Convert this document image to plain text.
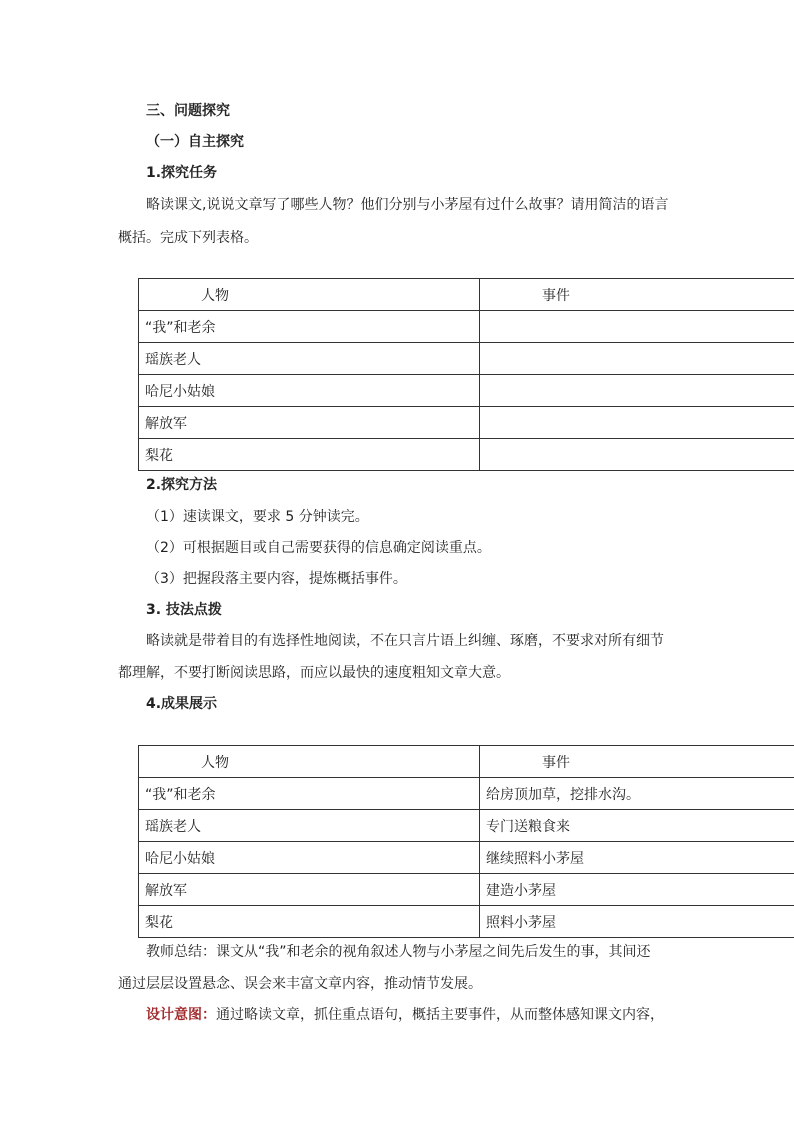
三、问题探究
（一）自主探究
1.探究任务
略读课文,说说文章写了哪些人物？他们分别与小茅屋有过什么故事？请用简洁的语言
概括。完成下列表格。
人物	事件
“我”和老余	
瑶族老人	
哈尼小姑娘	
解放军	
梨花	
2.探究方法
（1）速读课文，要求 5 分钟读完。
（2）可根据题目或自己需要获得的信息确定阅读重点。
（3）把握段落主要内容，提炼概括事件。
3. 技法点拨
略读就是带着目的有选择性地阅读，不在只言片语上纠缠、琢磨，不要求对所有细节
都理解，不要打断阅读思路，而应以最快的速度粗知文章大意。
4.成果展示
人物	事件
“我”和老余	给房顶加草，挖排水沟。
瑶族老人	专门送粮食来
哈尼小姑娘	继续照料小茅屋
解放军	建造小茅屋
梨花	照料小茅屋
教师总结：课文从“我”和老余的视角叙述人物与小茅屋之间先后发生的事，其间还
通过层层设置悬念、误会来丰富文章内容，推动情节发展。
设计意图：通过略读文章，抓住重点语句，概括主要事件，从而整体感知课文内容，
